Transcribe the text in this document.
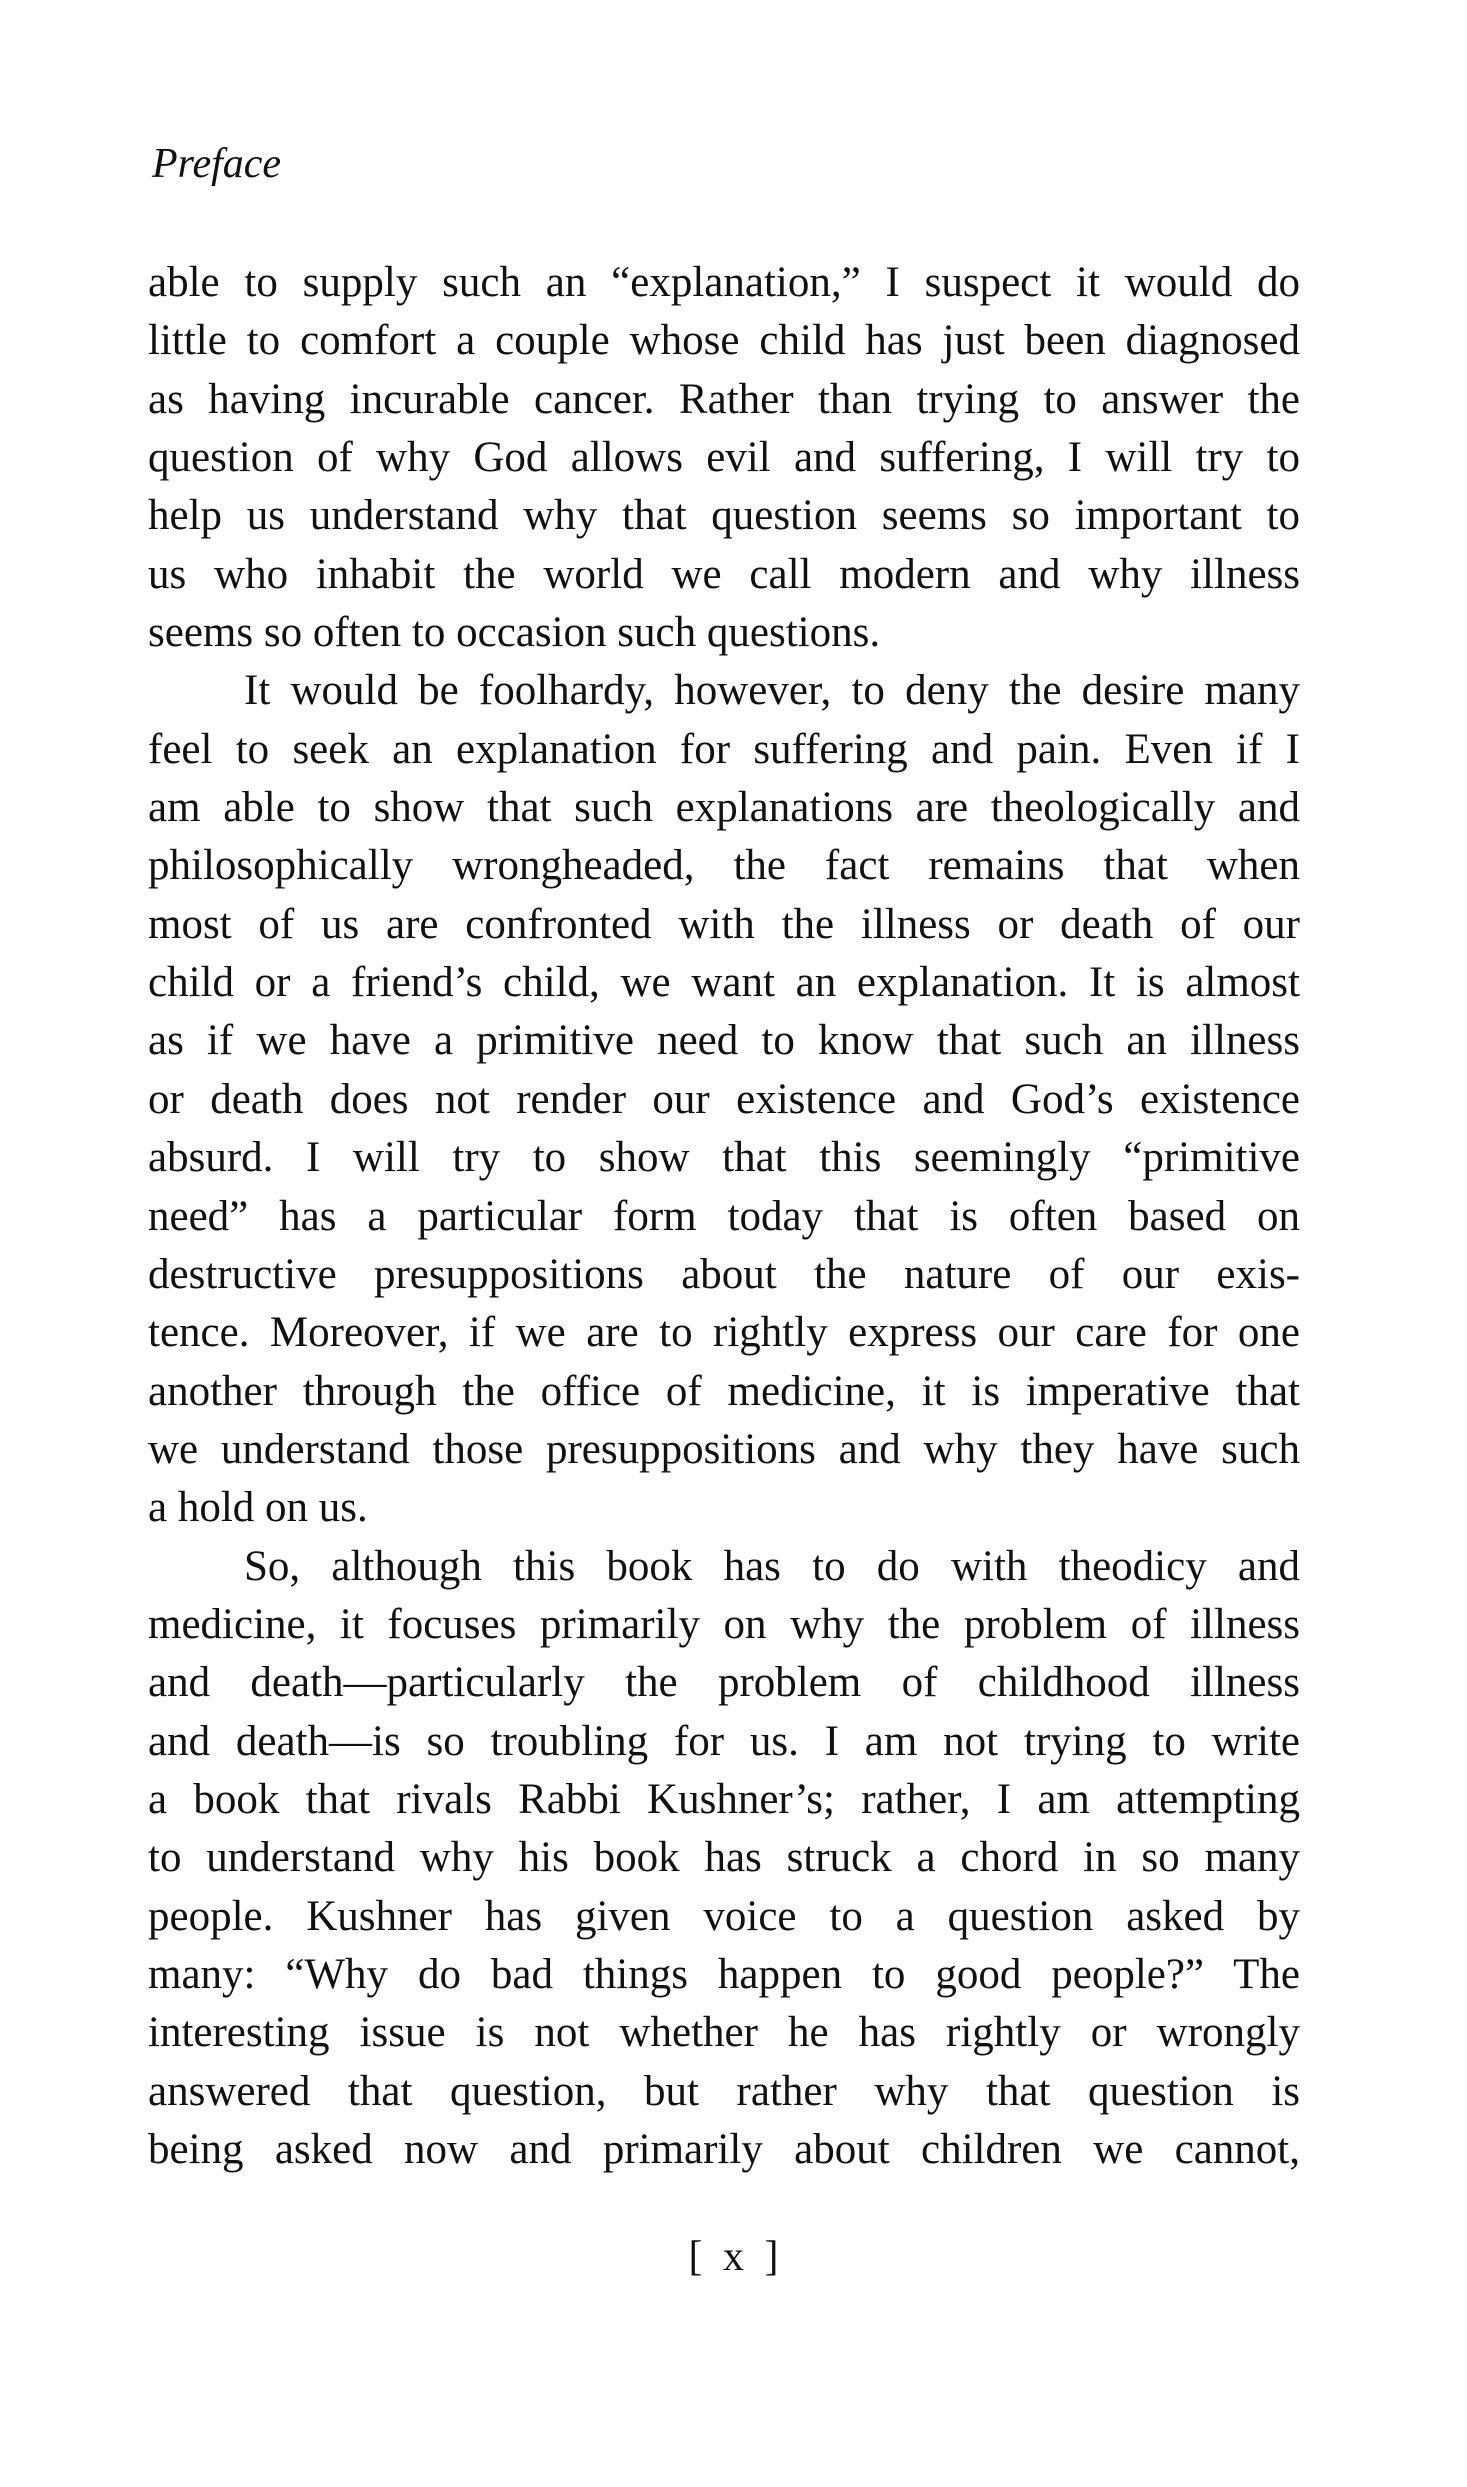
Preface
able to supply such an “explanation,” I suspect it would do
little to comfort a couple whose child has just been diagnosed
as having incurable cancer. Rather than trying to answer the
question of why God allows evil and suffering, I will try to
help us understand why that question seems so important to
us who inhabit the world we call modern and why illness
seems so often to occasion such questions.
It would be foolhardy, however, to deny the desire many
feel to seek an explanation for suffering and pain. Even if I
am able to show that such explanations are theologically and
philosophically wrongheaded, the fact remains that when
most of us are confronted with the illness or death of our
child or a friend’s child, we want an explanation. It is almost
as if we have a primitive need to know that such an illness
or death does not render our existence and God’s existence
absurd. I will try to show that this seemingly “primitive
need” has a particular form today that is often based on
destructive presuppositions about the nature of our exis-
tence. Moreover, if we are to rightly express our care for one
another through the office of medicine, it is imperative that
we understand those presuppositions and why they have such
a hold on us.
So, although this book has to do with theodicy and
medicine, it focuses primarily on why the problem of illness
and death—particularly the problem of childhood illness
and death—is so troubling for us. I am not trying to write
a book that rivals Rabbi Kushner’s; rather, I am attempting
to understand why his book has struck a chord in so many
people. Kushner has given voice to a question asked by
many: “Why do bad things happen to good people?” The
interesting issue is not whether he has rightly or wrongly
answered that question, but rather why that question is
being asked now and primarily about children we cannot,
[ x ]
